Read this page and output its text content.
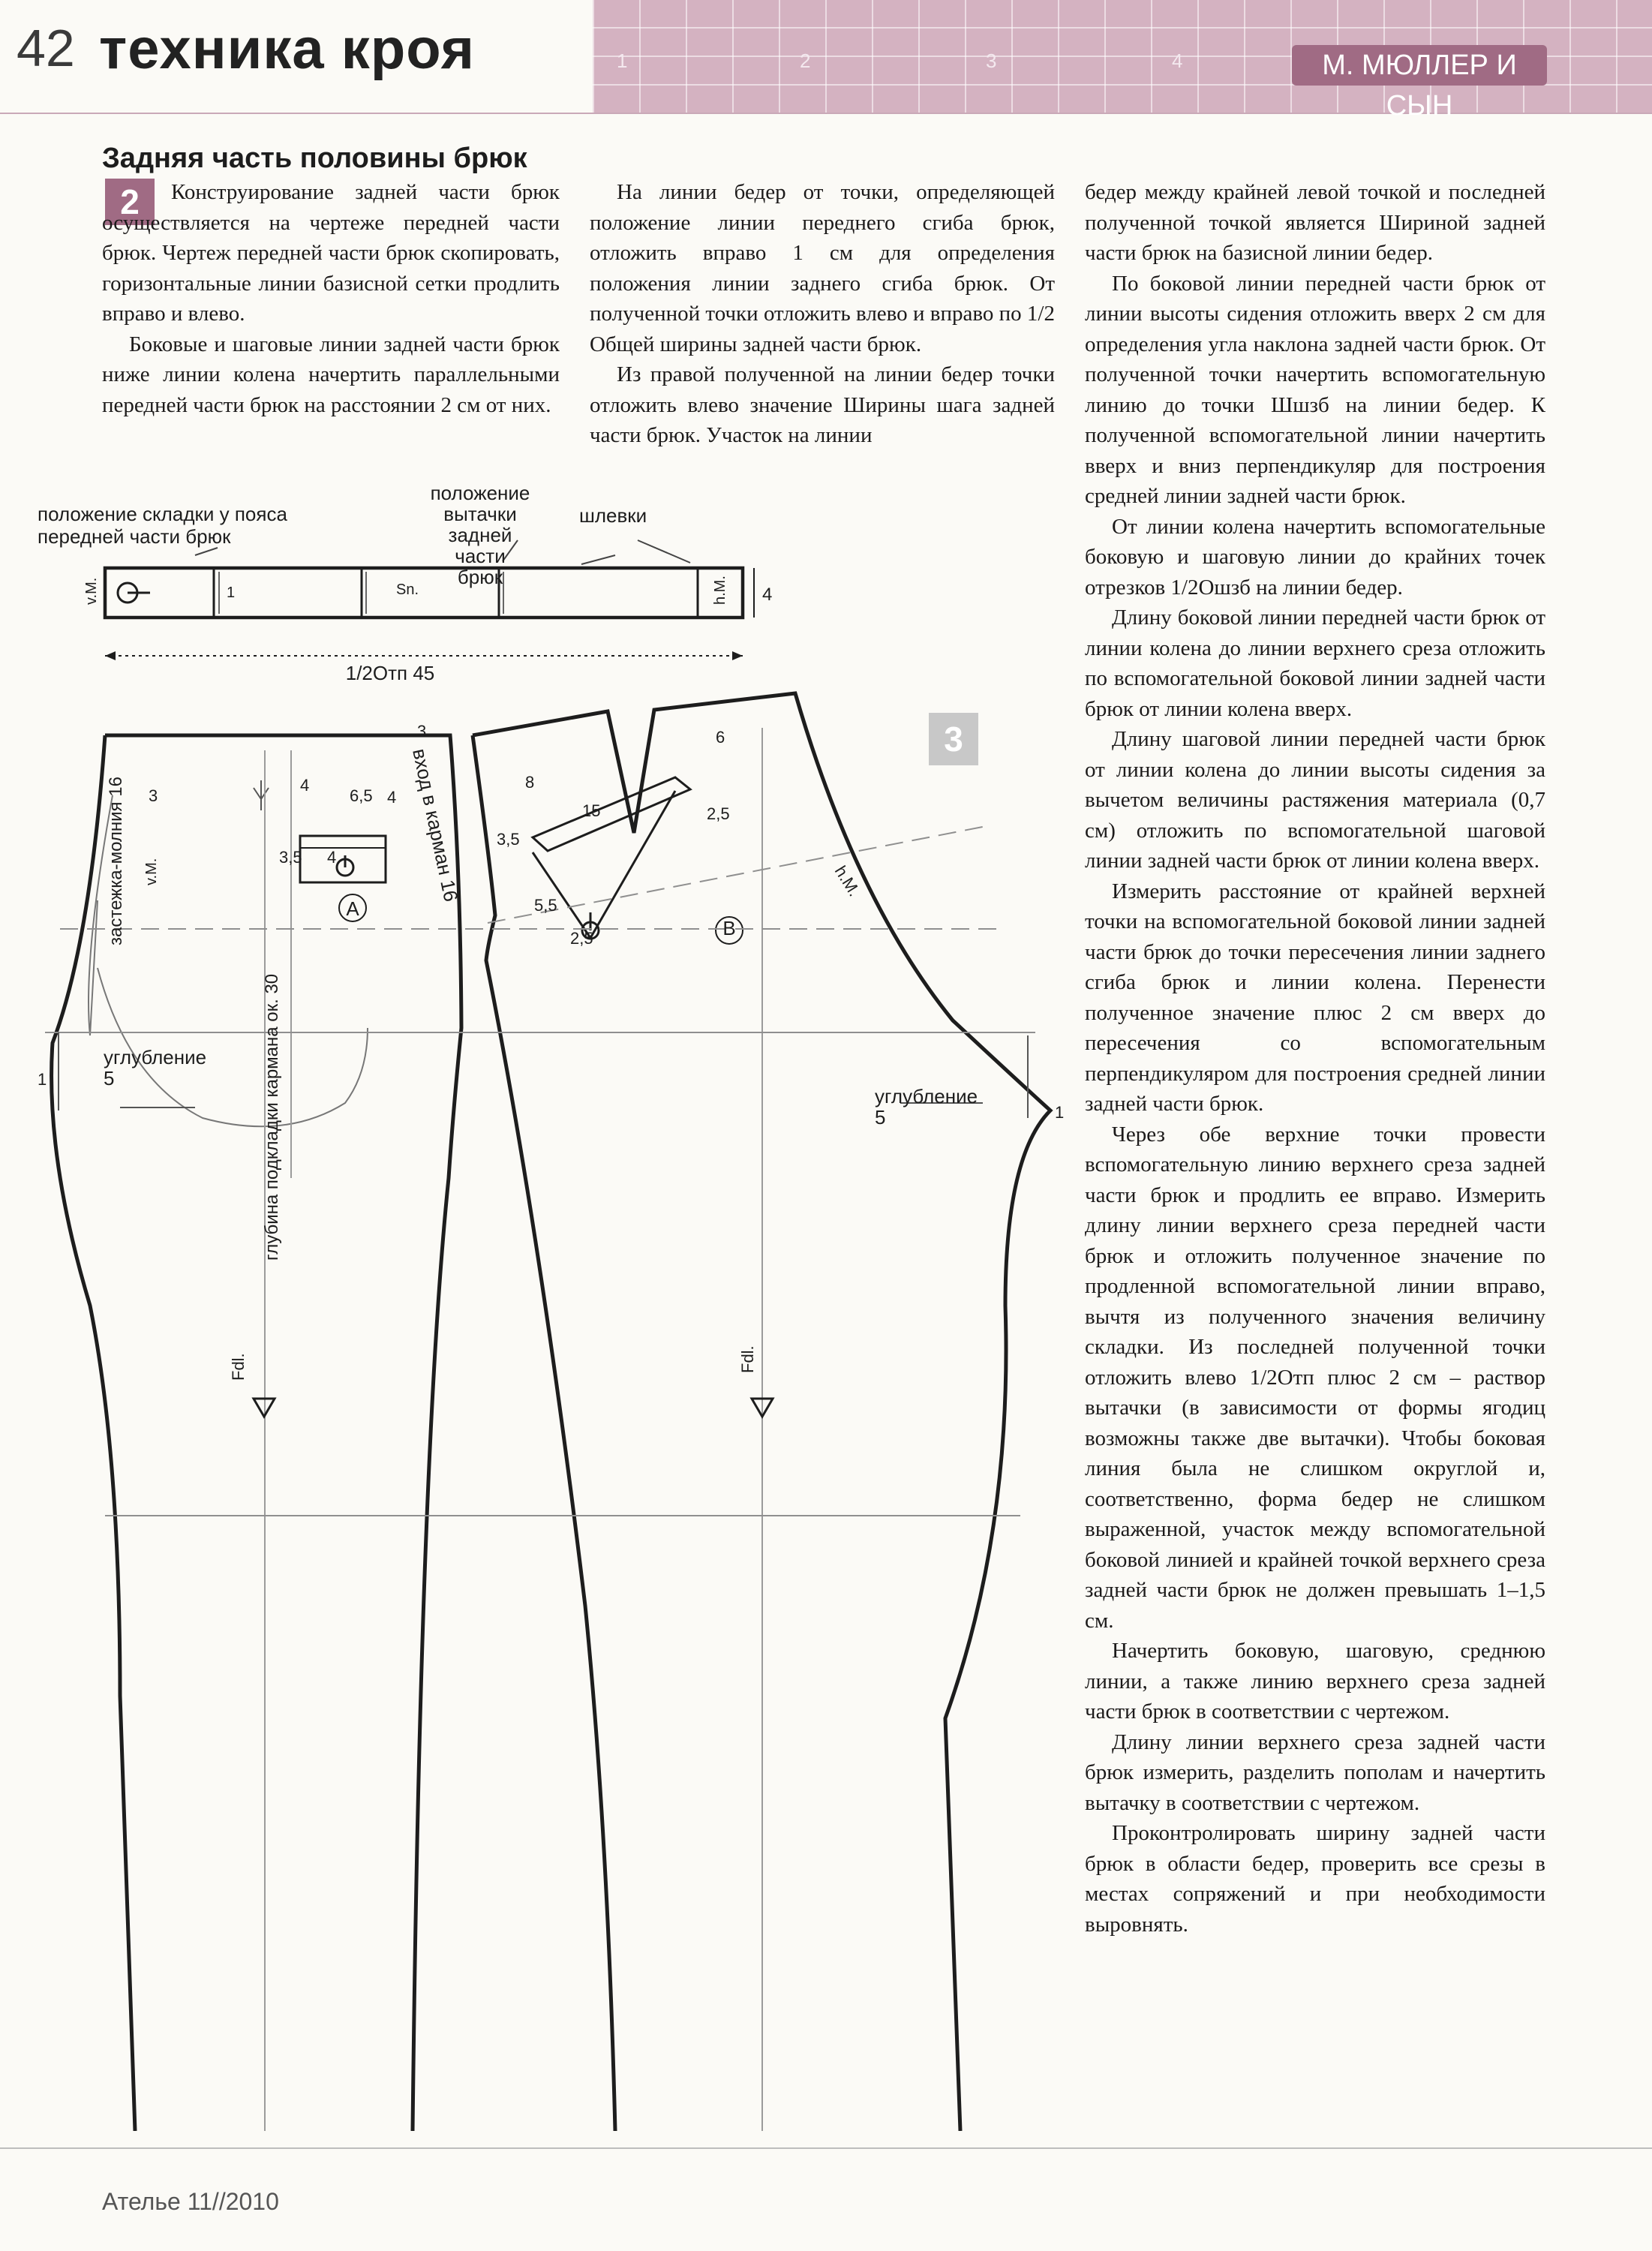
1	2	3	4
42 техника кроя	М. МЮЛЛЕР И СЫН
Задняя часть половины брюк
2	Конструирование задней части брюк осуществляется на чертеже передней части брюк. Чертеж передней части брюк скопировать, горизонтальные линии базисной сетки продлить вправо и влево.

Боковые и шаговые линии задней части брюк ниже линии колена начертить параллельными передней части брюк на расстоянии 2 см от них.

На линии бедер от точки, определяющей положение линии переднего сгиба брюк, отложить вправо 1 см для определения положения линии заднего сгиба брюк. От полученной точки отложить влево и вправо по 1/2 Общей ширины задней части брюк.

Из правой полученной на линии бедер точки отложить влево значение Ширины шага задней части брюк. Участок на линии

бедер между крайней левой точкой и последней полученной точкой является Шириной задней части брюк на базисной линии бедер.

По боковой линии передней части брюк от линии высоты сидения отложить вверх 2 см для определения угла наклона задней части брюк. От полученной точки начертить вспомогательную линию до точки Шшзб на линии бедер. К полученной вспомогательной линии начертить вверх и вниз перпендикуляр для построения средней линии задней части брюк.

От линии колена начертить вспомогательные боковую и шаговую линии до крайних точек отрезков 1/2Ошзб на линии бедер.

Длину боковой линии передней части брюк от линии колена до линии верхнего среза отложить по вспомогательной боковой линии задней части брюк от линии колена вверх.

Длину шаговой линии передней части брюк от линии колена до линии высоты сидения за вычетом величины растяжения материала (0,7 см) отложить по вспомогательной шаговой линии задней части брюк от линии колена вверх.

Измерить расстояние от крайней верхней точки на вспомогательной боковой линии задней части брюк до точки пересечения линии заднего сгиба брюк и линии колена. Перенести полученное значение плюс 2 см вверх до пересечения со вспомогательным перпендикуляром для построения средней линии задней части брюк.

Через обе верхние точки провести вспомогательную линию верхнего среза задней части брюк и продлить ее вправо. Измерить длину линии верхнего среза передней части брюк и отложить полученное значение по продленной вспомогательной линии вправо, вычтя из полученного значения величину складки. Из последней полученной точки отложить влево 1/2Отп плюс 2 см – раствор вытачки (в зависимости от формы ягодиц возможны также две вытачки). Чтобы боковая линия была не слишком округлой и, соответственно, форма бедер не слишком выраженной, участок между вспомогательной боковой линией и крайней точкой верхнего среза задней части брюк не должен превышать 1–1,5 см.

Начертить боковую, шаговую, среднюю линии, а также линию верхнего среза задней части брюк в соответствии с чертежом.

Длину линии верхнего среза задней части брюк измерить, разделить пополам и начертить вытачку в соответствии с чертежом.

Проконтролировать ширину задней части брюк в области бедер, проверить все срезы в местах сопряжений и при необходимости выровнять.

3
положение складки у пояса
передней части брюк
положение
вытачки
задней
части
брюк
шлевки
v.M.	h.M.
Sn.
1	4
1/2Отп 45
застежка-молния 16 v.M.	вход в карман 16
глубина подкладки кармана ок. 30
углубление
5
A
Fdl.
3
3
4
6,5 4
3,5 4
1
h.M.
углубление
5
B
Fdl.
8
6
15	2,5
3,5
5,5
2,5
1
Ателье 11//2010
